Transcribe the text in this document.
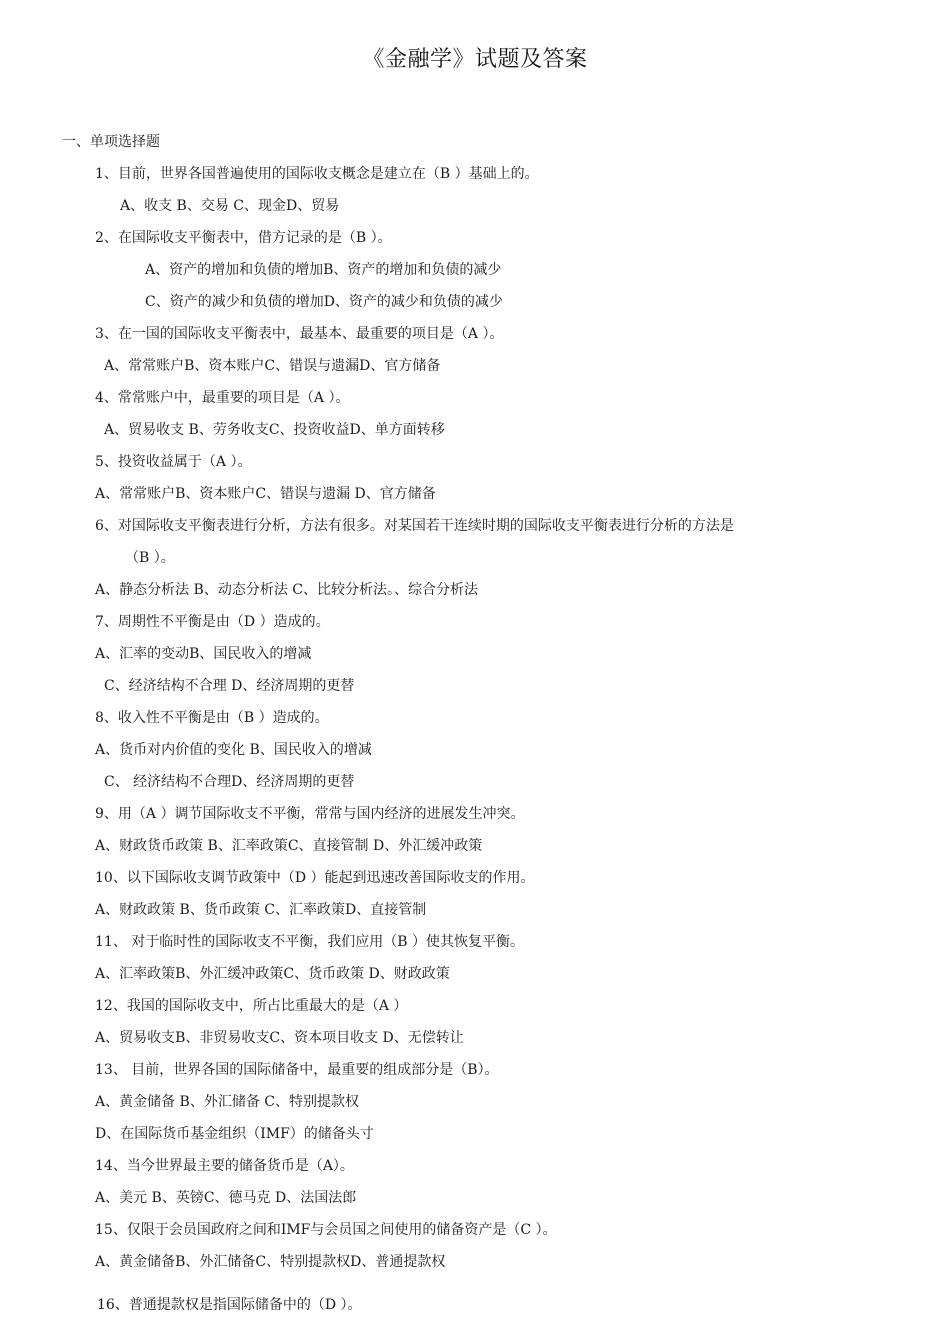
《金融学》试题及答案
一、单项选择题
1、目前，世界各国普遍使用的国际收支概念是建立在（B ）基础上的。
A、收支 B、交易 C、现金D、贸易
2、在国际收支平衡表中，借方记录的是（B ）。
A、资产的增加和负债的增加B、资产的增加和负债的减少
C、资产的减少和负债的增加D、资产的减少和负债的减少
3、在一国的国际收支平衡表中，最基本、最重要的项目是（A ）。
A、常常账户B、资本账户C、错误与遗漏D、官方储备
4、常常账户中，最重要的项目是（A ）。
A、贸易收支 B、劳务收支C、投资收益D、单方面转移
5、投资收益属于（A ）。
A、常常账户B、资本账户C、错误与遗漏 D、官方储备
6、对国际收支平衡表进行分析，方法有很多。对某国若干连续时期的国际收支平衡表进行分析的方法是
（B ）。
A、静态分析法 B、动态分析法 C、比较分析法。、综合分析法
7、周期性不平衡是由（D ）造成的。
A、汇率的变动B、国民收入的增减
C、经济结构不合理 D、经济周期的更替
8、收入性不平衡是由（B ）造成的。
A、货币对内价值的变化 B、国民收入的增减
C、 经济结构不合理D、经济周期的更替
9、用（A ）调节国际收支不平衡，常常与国内经济的进展发生冲突。
A、财政货币政策 B、汇率政策C、直接管制 D、外汇缓冲政策
10、以下国际收支调节政策中（D ）能起到迅速改善国际收支的作用。
A、财政政策 B、货币政策 C、汇率政策D、直接管制
11、 对于临时性的国际收支不平衡，我们应用（B ）使其恢复平衡。
A、汇率政策B、外汇缓冲政策C、货币政策 D、财政政策
12、我国的国际收支中，所占比重最大的是（A ）
A、贸易收支B、非贸易收支C、资本项目收支 D、无偿转让
13、 目前，世界各国的国际储备中，最重要的组成部分是（B）。
A、黄金储备 B、外汇储备 C、特别提款权
D、在国际货币基金组织（IMF）的储备头寸
14、当今世界最主要的储备货币是（A）。
A、美元 B、英镑C、德马克 D、法国法郎
15、仅限于会员国政府之间和IMF与会员国之间使用的储备资产是（C ）。
A、黄金储备B、外汇储备C、特别提款权D、普通提款权
16、普通提款权是指国际储备中的（D ）。
